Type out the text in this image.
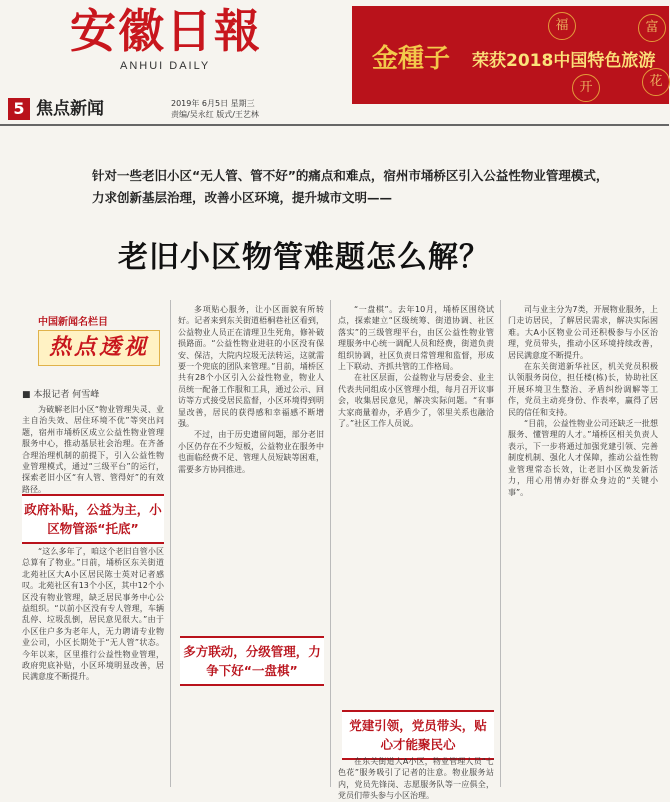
安徽日報
ANHUI DAILY	金種子 荣获2018中国特色旅游
福
花
开
富
5 焦点新闻	2019年 6月5日 星期三
责编/吴永红 版式/王艺林
针对一些老旧小区“无人管、管不好”的痛点和难点，宿州市埇桥区引入公益性物业管理模式，力求创新基层治理，改善小区环境，提升城市文明——
老旧小区物管难题怎么解？
中国新闻名栏目
热点透视
■ 本报记者 何雪峰

为破解老旧小区“物业管理失灵、业主自治失效、居住环境不优”等突出问题，宿州市埇桥区成立公益性物业管理服务中心，推动基层社会治理。在齐备合理治理机制的前提下，引入公益性物业管理模式，通过“三级平台”的运行，探索老旧小区“有人管、管得好”的有效路径。

政府补贴，公益为主，小区物管添“托底”

“这么多年了，咱这个老旧自管小区总算有了物业。”日前，埇桥区东关街道北苑社区大A小区居民陈士英对记者感叹。北苑社区有13个小区，其中12个小区没有物业管理，缺乏居民事务中心公益组织。“以前小区没有专人管理，车辆乱停、垃圾乱倒，居民意见很大。”由于小区住户多为老年人，无力聘请专业物业公司，小区长期处于“无人管”状态。今年以来，区里推行公益性物业管理，政府兜底补贴，小区环境明显改善，居民满意度不断提升。

多项贴心服务，让小区面貌有所转好。记者来到东关街道梧桐巷社区看到，公益物业人员正在清理卫生死角，修补破损路面。“公益性物业进驻的小区没有保安、保洁，大院内垃圾无法转运，这就需要一个兜底的团队来管理。”目前，埇桥区共有28个小区引入公益性物业，物业人员统一配备工作服和工具，通过公示、回访等方式接受居民监督，小区环境得到明显改善，居民的获得感和幸福感不断增强。

不过，由于历史遗留问题，部分老旧小区仍存在不少短板，公益物业在服务中也面临经费不足、管理人员短缺等困难，需要多方协同推进。

多方联动，分级管理，力争下好“一盘棋”

“一盘棋”。去年10月，埇桥区围绕试点，探索建立“区级统筹、街道协调、社区落实”的三级管理平台，由区公益性物业管理服务中心统一调配人员和经费，街道负责组织协调，社区负责日常管理和监督，形成上下联动、齐抓共管的工作格局。

在社区层面，公益物业与居委会、业主代表共同组成小区管理小组，每月召开议事会，收集居民意见，解决实际问题。“有事大家商量着办，矛盾少了，邻里关系也融洽了。”社区工作人员说。

党建引领，党员带头，贴心才能聚民心

在东关街道大A小区，物业管理人员“七色花”服务吸引了记者的注意。物业服务站内，党员先锋岗、志愿服务队等一应俱全，党员们带头参与小区治理。

司与业主分为7类，开展物业服务，上门走访居民，了解居民需求，解决实际困难。大A小区物业公司还积极参与小区治理，党员带头，推动小区环境持续改善，居民满意度不断提升。

在东关街道新华社区，机关党员积极认领服务岗位，担任楼(栋)长，协助社区开展环境卫生整治、矛盾纠纷调解等工作，党员主动亮身份、作表率，赢得了居民的信任和支持。

“目前，公益性物业公司还缺乏一批想服务、懂管理的人才。”埇桥区相关负责人表示，下一步将通过加强党建引领、完善制度机制、强化人才保障，推动公益性物业管理常态长效，让老旧小区焕发新活力，用心用情办好群众身边的“关键小事”。
